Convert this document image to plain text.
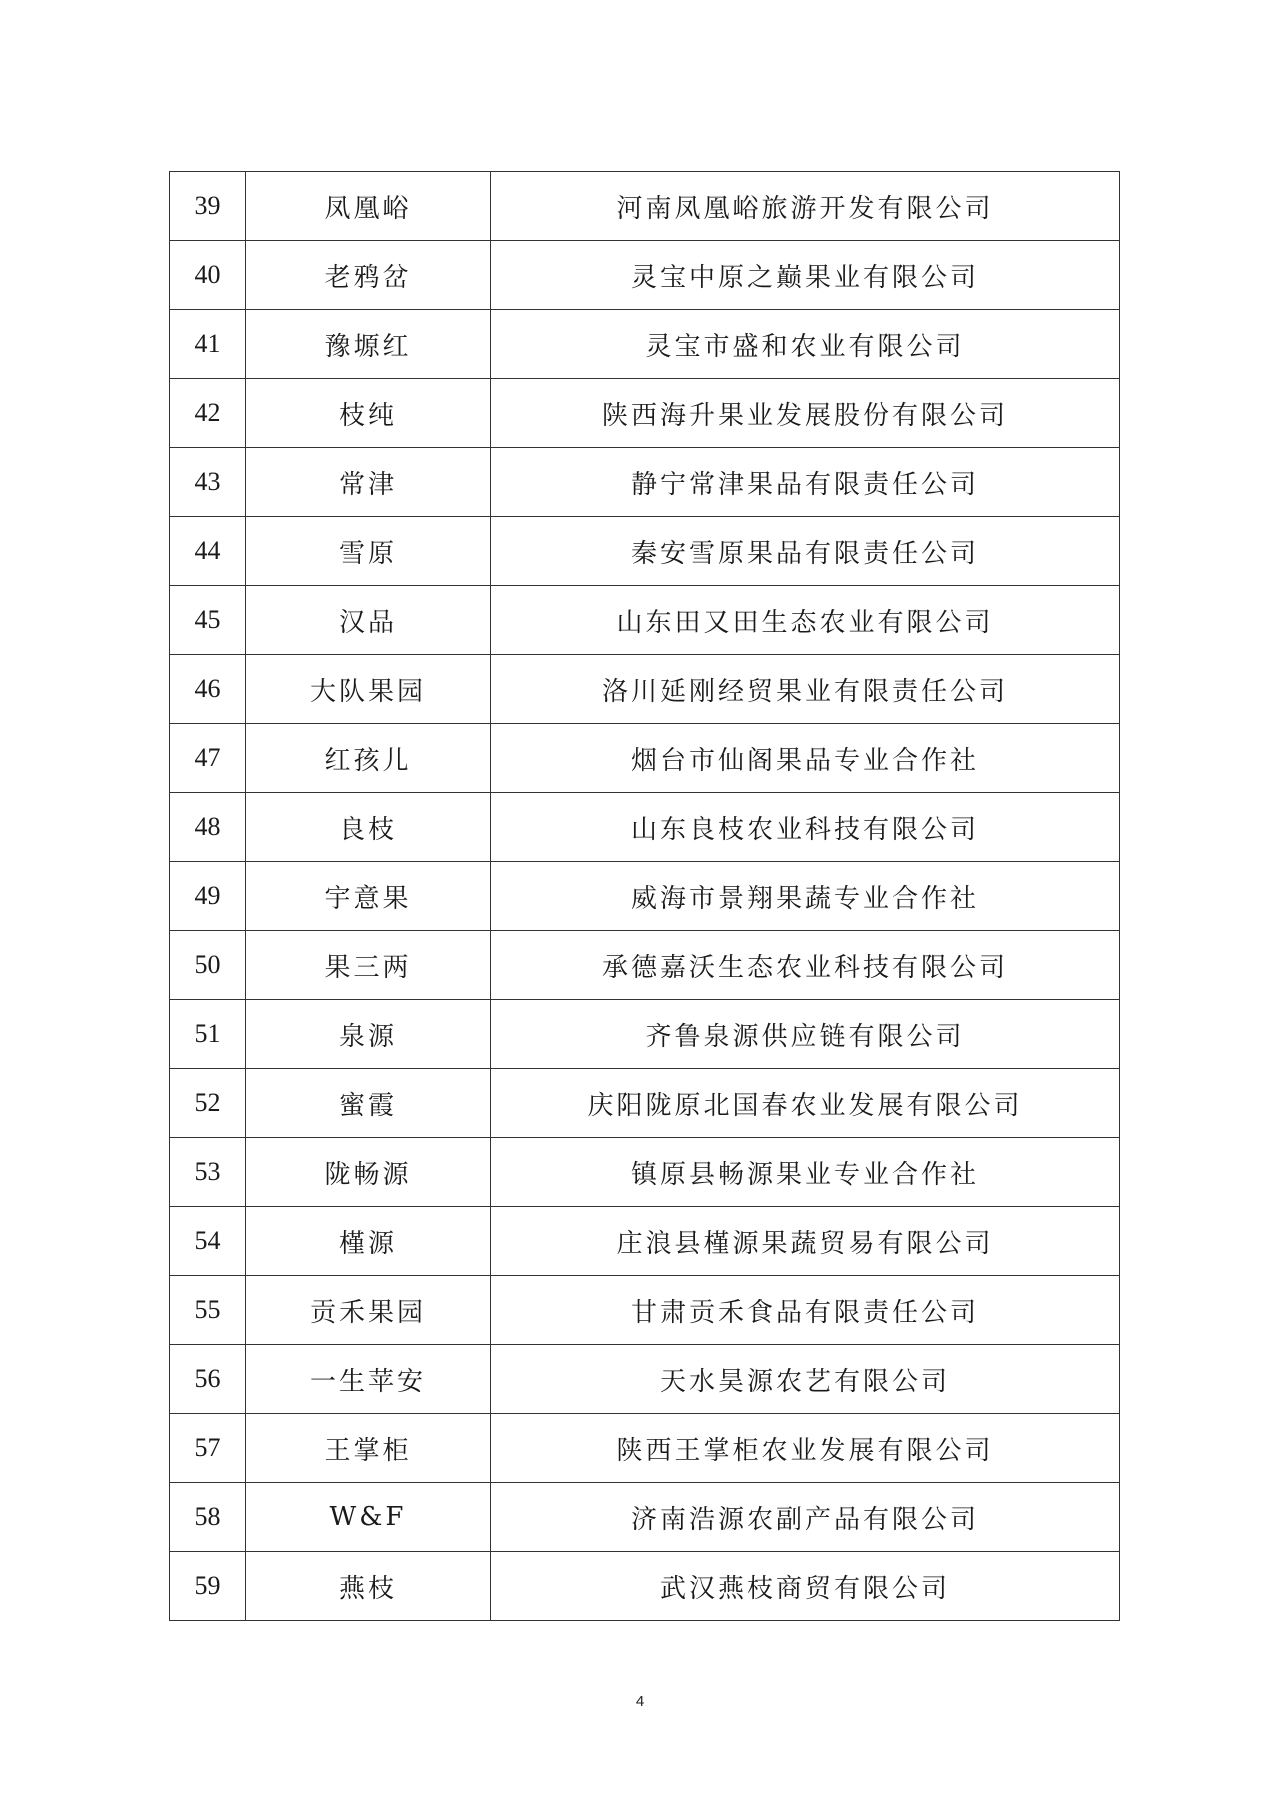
39	凤凰峪	河南凤凰峪旅游开发有限公司
40	老鸦岔	灵宝中原之巅果业有限公司
41	豫塬红	灵宝市盛和农业有限公司
42	枝纯	陕西海升果业发展股份有限公司
43	常津	静宁常津果品有限责任公司
44	雪原	秦安雪原果品有限责任公司
45	汉品	山东田又田生态农业有限公司
46	大队果园	洛川延刚经贸果业有限责任公司
47	红孩儿	烟台市仙阁果品专业合作社
48	良枝	山东良枝农业科技有限公司
49	宇意果	威海市景翔果蔬专业合作社
50	果三两	承德嘉沃生态农业科技有限公司
51	泉源	齐鲁泉源供应链有限公司
52	蜜霞	庆阳陇原北国春农业发展有限公司
53	陇畅源	镇原县畅源果业专业合作社
54	槿源	庄浪县槿源果蔬贸易有限公司
55	贡禾果园	甘肃贡禾食品有限责任公司
56	一生苹安	天水昊源农艺有限公司
57	王掌柜	陕西王掌柜农业发展有限公司
58	W&F	济南浩源农副产品有限公司
59	燕枝	武汉燕枝商贸有限公司
4
